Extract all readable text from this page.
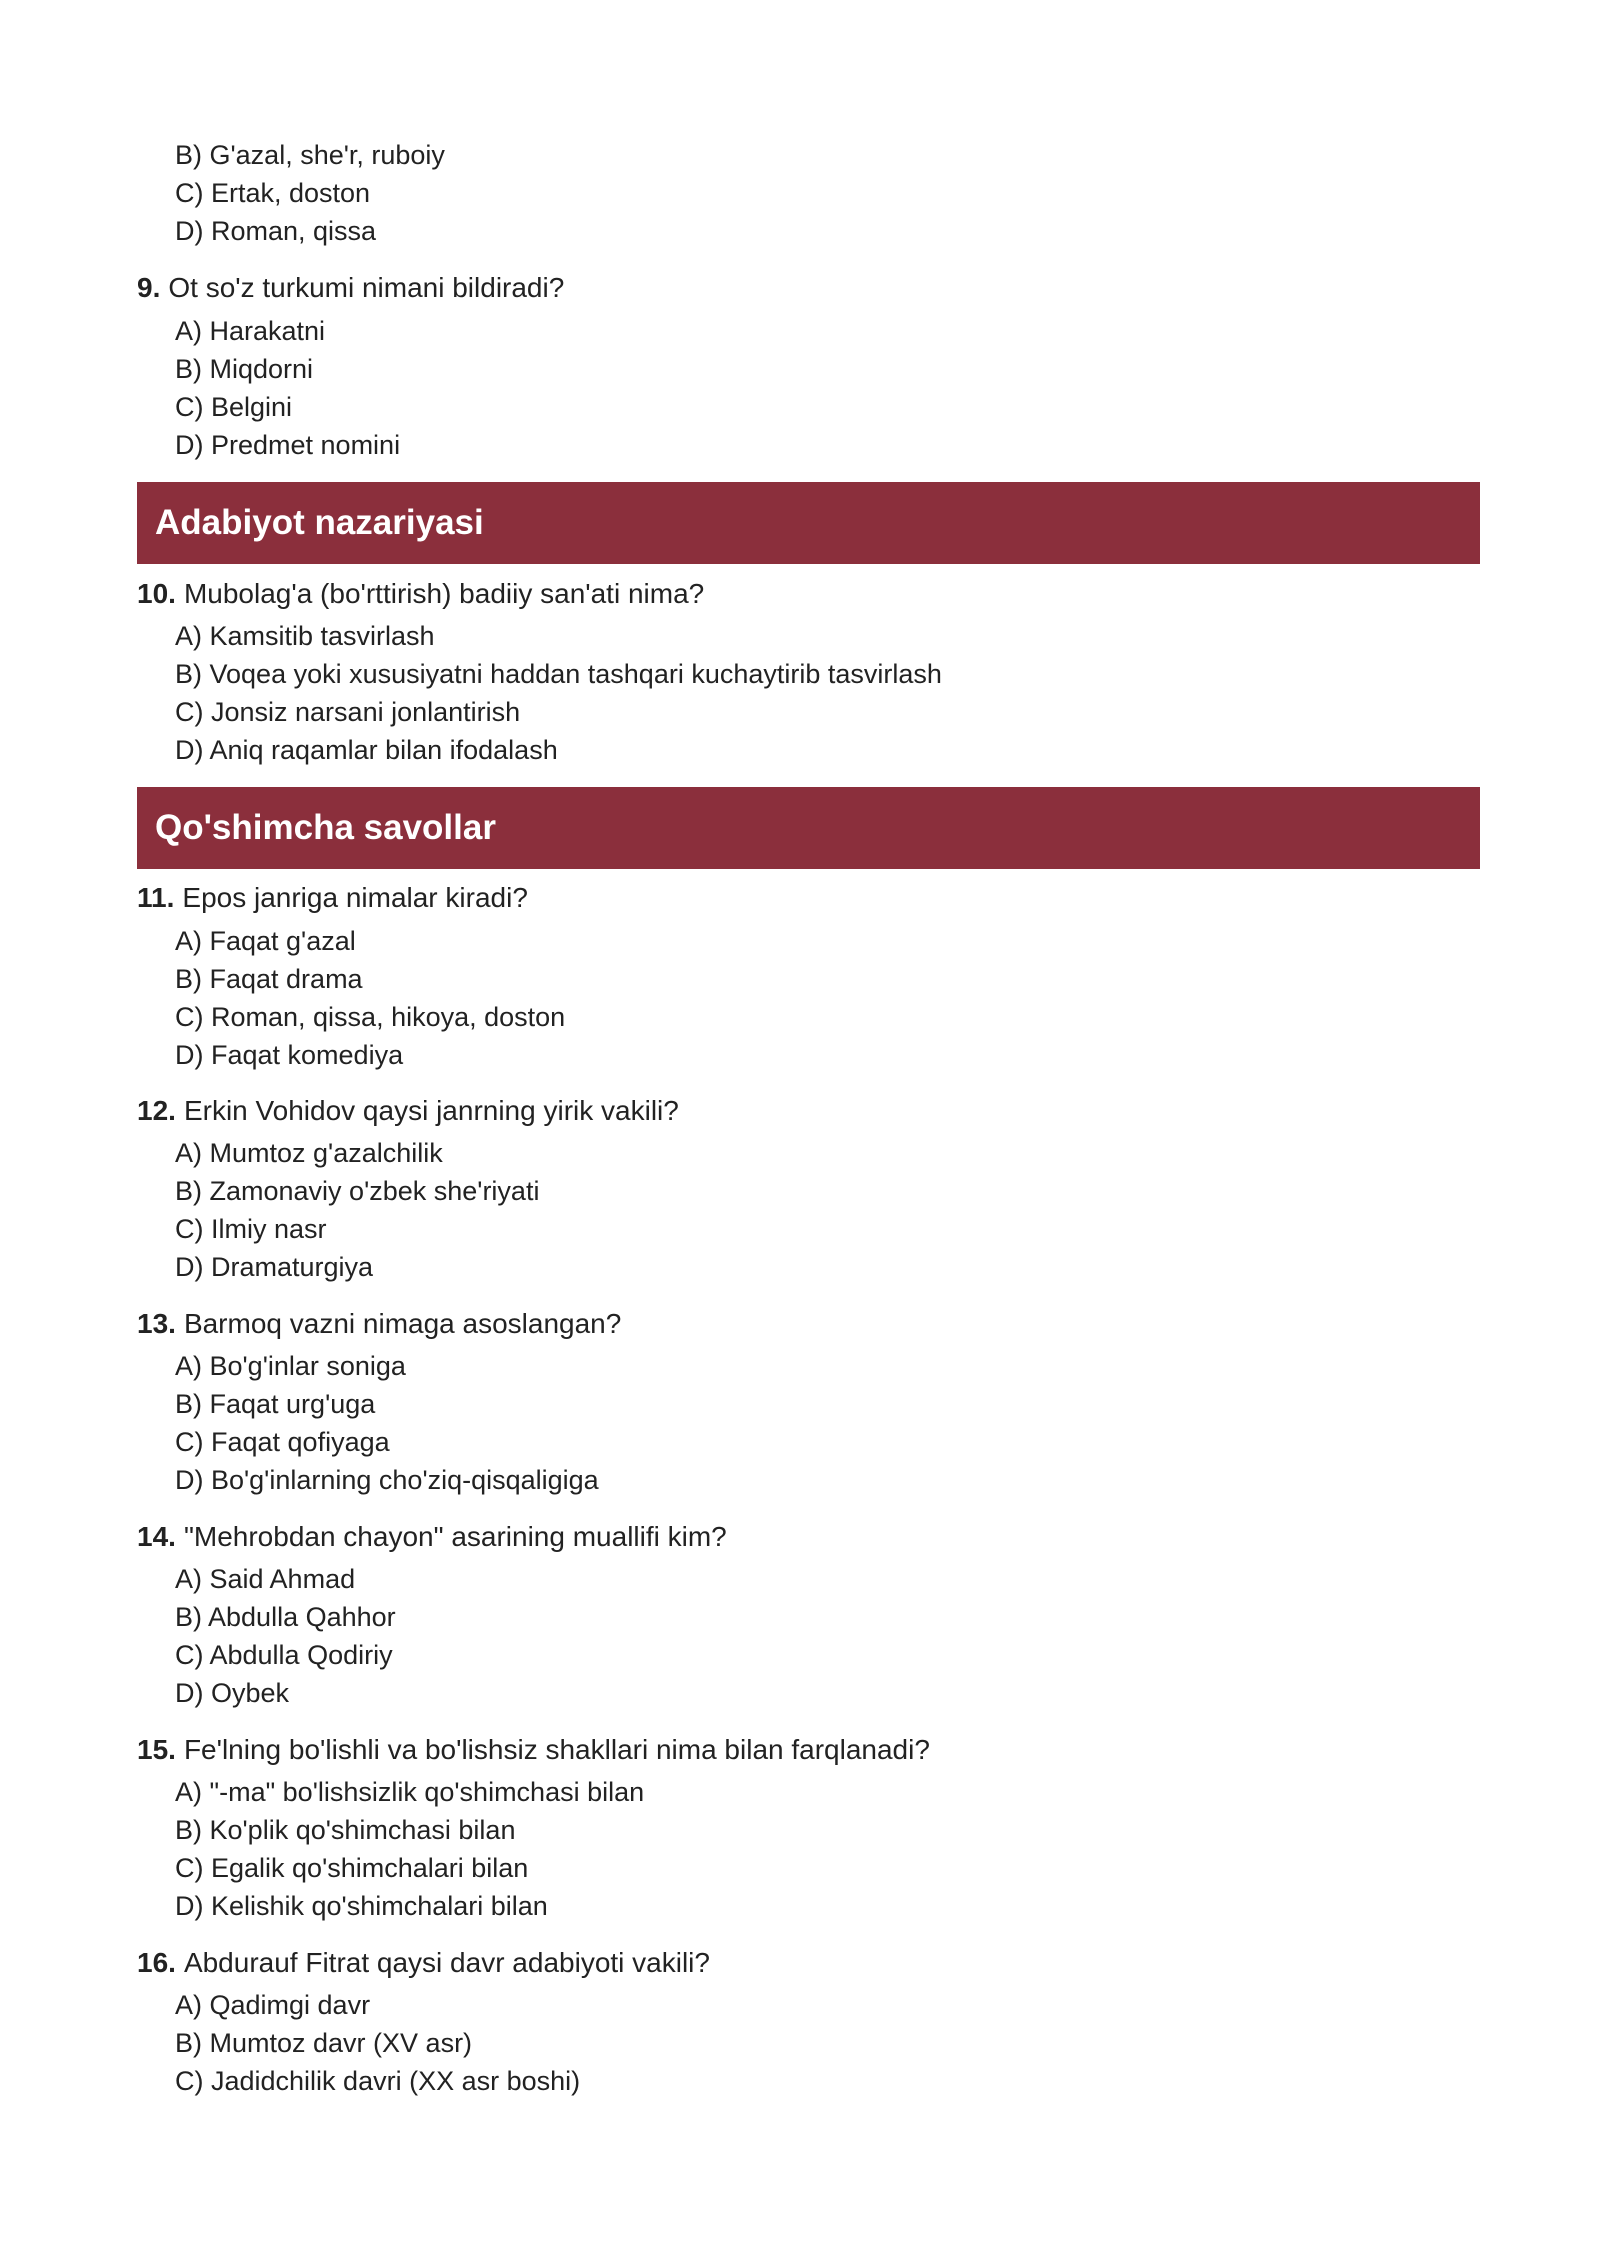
B) G'azal, she'r, ruboiy
C) Ertak, doston
D) Roman, qissa
9. Ot so'z turkumi nimani bildiradi?
A) Harakatni
B) Miqdorni
C) Belgini
D) Predmet nomini
Adabiyot nazariyasi
10. Mubolag'a (bo'rttirish) badiiy san'ati nima?
A) Kamsitib tasvirlash
B) Voqea yoki xususiyatni haddan tashqari kuchaytirib tasvirlash
C) Jonsiz narsani jonlantirish
D) Aniq raqamlar bilan ifodalash
Qo'shimcha savollar
11. Epos janriga nimalar kiradi?
A) Faqat g'azal
B) Faqat drama
C) Roman, qissa, hikoya, doston
D) Faqat komediya
12. Erkin Vohidov qaysi janrning yirik vakili?
A) Mumtoz g'azalchilik
B) Zamonaviy o'zbek she'riyati
C) Ilmiy nasr
D) Dramaturgiya
13. Barmoq vazni nimaga asoslangan?
A) Bo'g'inlar soniga
B) Faqat urg'uga
C) Faqat qofiyaga
D) Bo'g'inlarning cho'ziq-qisqaligiga
14. "Mehrobdan chayon" asarining muallifi kim?
A) Said Ahmad
B) Abdulla Qahhor
C) Abdulla Qodiriy
D) Oybek
15. Fe'lning bo'lishli va bo'lishsiz shakllari nima bilan farqlanadi?
A) "-ma" bo'lishsizlik qo'shimchasi bilan
B) Ko'plik qo'shimchasi bilan
C) Egalik qo'shimchalari bilan
D) Kelishik qo'shimchalari bilan
16. Abdurauf Fitrat qaysi davr adabiyoti vakili?
A) Qadimgi davr
B) Mumtoz davr (XV asr)
C) Jadidchilik davri (XX asr boshi)
